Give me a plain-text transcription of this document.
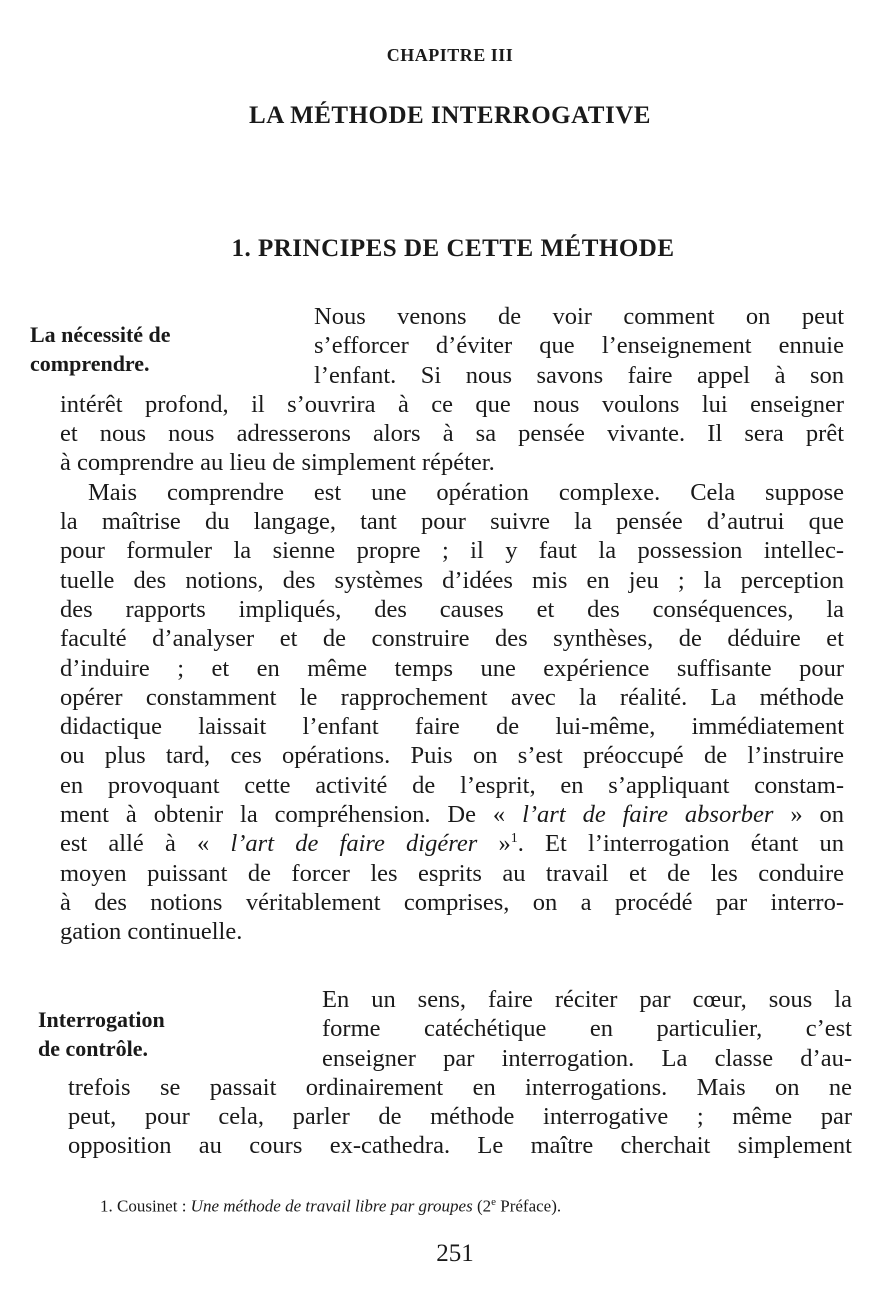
CHAPITRE III
LA MÉTHODE INTERROGATIVE
1. PRINCIPES DE CETTE MÉTHODE
La nécessité de
comprendre.

Nous venons de voir comment on peut
s’efforcer d’éviter que l’enseignement ennuie
l’enfant. Si nous savons faire appel à son
intérêt profond, il s’ouvrira à ce que nous voulons lui enseigner
et nous nous adresserons alors à sa pensée vivante. Il sera prêt
à comprendre au lieu de simplement répéter.

Mais comprendre est une opération complexe. Cela suppose
la maîtrise du langage, tant pour suivre la pensée d’autrui que
pour formuler la sienne propre ; il y faut la possession intellec-
tuelle des notions, des systèmes d’idées mis en jeu ; la perception
des rapports impliqués, des causes et des conséquences, la
faculté d’analyser et de construire des synthèses, de déduire et
d’induire ; et en même temps une expérience suffisante pour
opérer constamment le rapprochement avec la réalité. La méthode
didactique laissait l’enfant faire de lui-même, immédiatement
ou plus tard, ces opérations. Puis on s’est préoccupé de l’instruire
en provoquant cette activité de l’esprit, en s’appliquant constam-
ment à obtenir la compréhension. De « l’art de faire absorber » on
est allé à « l’art de faire digérer »$^1$. Et l’interrogation étant un
moyen puissant de forcer les esprits au travail et de les conduire
à des notions véritablement comprises, on a procédé par interro-
gation continuelle.

Interrogation
de contrôle.

En un sens, faire réciter par cœur, sous la
forme catéchétique en particulier, c’est
enseigner par interrogation. La classe d’au-
trefois se passait ordinairement en interrogations. Mais on ne
peut, pour cela, parler de méthode interrogative ; même par
opposition au cours ex-cathedra. Le maître cherchait simplement

1. Cousinet : Une méthode de travail libre par groupes (2e Préface).
251
